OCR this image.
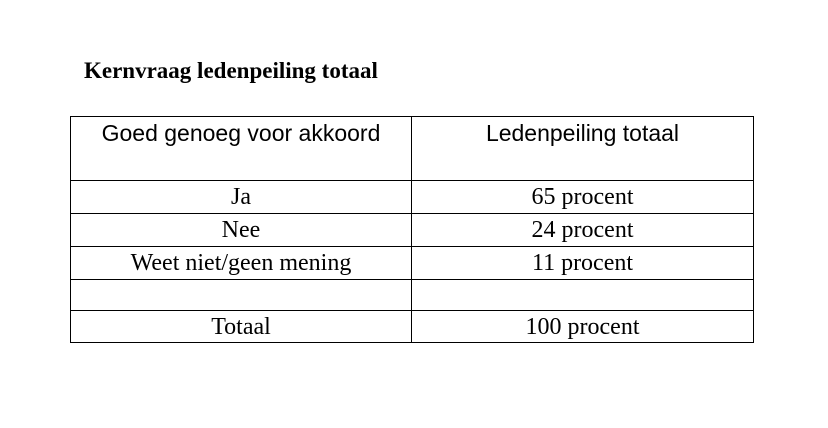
Kernvraag ledenpeiling totaal
Goed genoeg voor akkoord	Ledenpeiling totaal
Ja	65 procent
Nee	24 procent
Weet niet/geen mening	11 procent

Totaal	100 procent
